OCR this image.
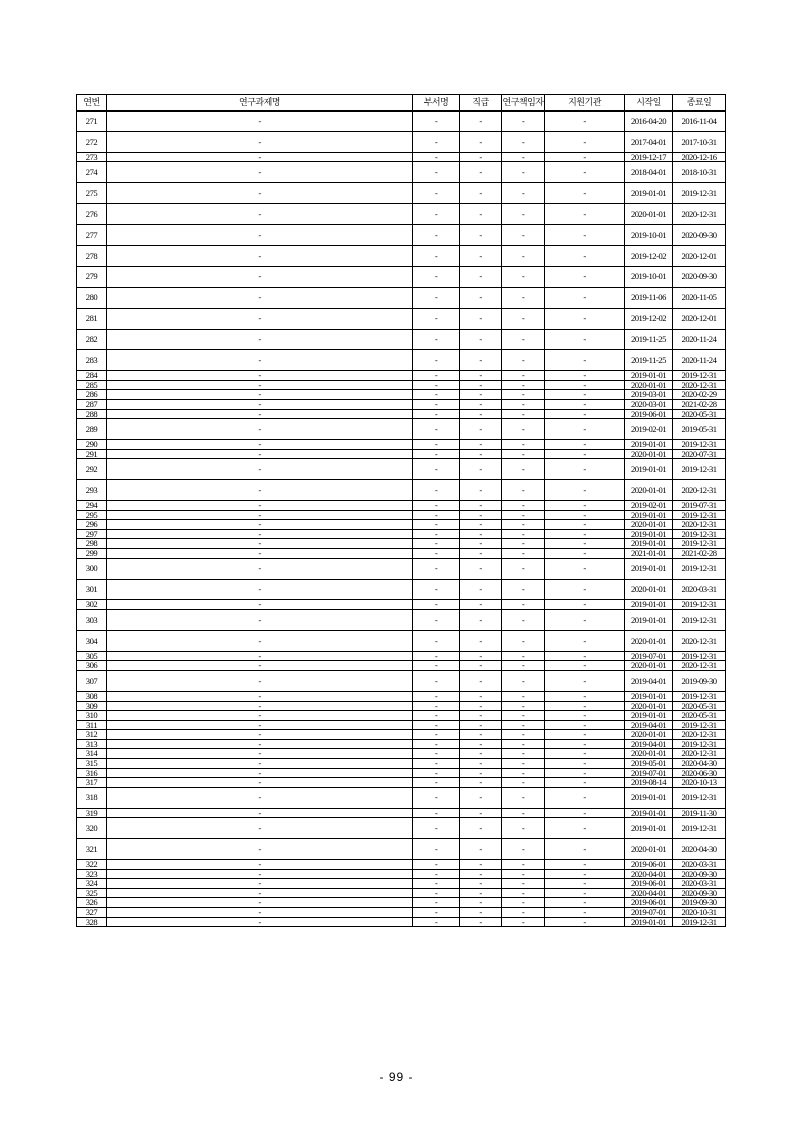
연번	연구과제명	부서명	직급	연구책임자	지원기관	시작일	종료일
271	-	-	-	-	-	2016-04-20	2016-11-04
272	-	-	-	-	-	2017-04-01	2017-10-31
273	-	-	-	-	-	2019-12-17	2020-12-16
274	-	-	-	-	-	2018-04-01	2018-10-31
275	-	-	-	-	-	2019-01-01	2019-12-31
276	-	-	-	-	-	2020-01-01	2020-12-31
277	-	-	-	-	-	2019-10-01	2020-09-30
278	-	-	-	-	-	2019-12-02	2020-12-01
279	-	-	-	-	-	2019-10-01	2020-09-30
280	-	-	-	-	-	2019-11-06	2020-11-05
281	-	-	-	-	-	2019-12-02	2020-12-01
282	-	-	-	-	-	2019-11-25	2020-11-24
283	-	-	-	-	-	2019-11-25	2020-11-24
284	-	-	-	-	-	2019-01-01	2019-12-31
285	-	-	-	-	-	2020-01-01	2020-12-31
286	-	-	-	-	-	2019-03-01	2020-02-29
287	-	-	-	-	-	2020-03-01	2021-02-28
288	-	-	-	-	-	2019-06-01	2020-05-31
289	-	-	-	-	-	2019-02-01	2019-05-31
290	-	-	-	-	-	2019-01-01	2019-12-31
291	-	-	-	-	-	2020-01-01	2020-07-31
292	-	-	-	-	-	2019-01-01	2019-12-31
293	-	-	-	-	-	2020-01-01	2020-12-31
294	-	-	-	-	-	2019-02-01	2019-07-31
295	-	-	-	-	-	2019-01-01	2019-12-31
296	-	-	-	-	-	2020-01-01	2020-12-31
297	-	-	-	-	-	2019-01-01	2019-12-31
298	-	-	-	-	-	2019-01-01	2019-12-31
299	-	-	-	-	-	2021-01-01	2021-02-28
300	-	-	-	-	-	2019-01-01	2019-12-31
301	-	-	-	-	-	2020-01-01	2020-03-31
302	-	-	-	-	-	2019-01-01	2019-12-31
303	-	-	-	-	-	2019-01-01	2019-12-31
304	-	-	-	-	-	2020-01-01	2020-12-31
305	-	-	-	-	-	2019-07-01	2019-12-31
306	-	-	-	-	-	2020-01-01	2020-12-31
307	-	-	-	-	-	2019-04-01	2019-09-30
308	-	-	-	-	-	2019-01-01	2019-12-31
309	-	-	-	-	-	2020-01-01	2020-05-31
310	-	-	-	-	-	2019-01-01	2020-05-31
311	-	-	-	-	-	2019-04-01	2019-12-31
312	-	-	-	-	-	2020-01-01	2020-12-31
313	-	-	-	-	-	2019-04-01	2019-12-31
314	-	-	-	-	-	2020-01-01	2020-12-31
315	-	-	-	-	-	2019-05-01	2020-04-30
316	-	-	-	-	-	2019-07-01	2020-06-30
317	-	-	-	-	-	2019-08-14	2020-10-13
318	-	-	-	-	-	2019-01-01	2019-12-31
319	-	-	-	-	-	2019-01-01	2019-11-30
320	-	-	-	-	-	2019-01-01	2019-12-31
321	-	-	-	-	-	2020-01-01	2020-04-30
322	-	-	-	-	-	2019-06-01	2020-03-31
323	-	-	-	-	-	2020-04-01	2020-09-30
324	-	-	-	-	-	2019-06-01	2020-03-31
325	-	-	-	-	-	2020-04-01	2020-09-30
326	-	-	-	-	-	2019-06-01	2019-09-30
327	-	-	-	-	-	2019-07-01	2020-10-31
328	-	-	-	-	-	2019-01-01	2019-12-31
- 99 -
